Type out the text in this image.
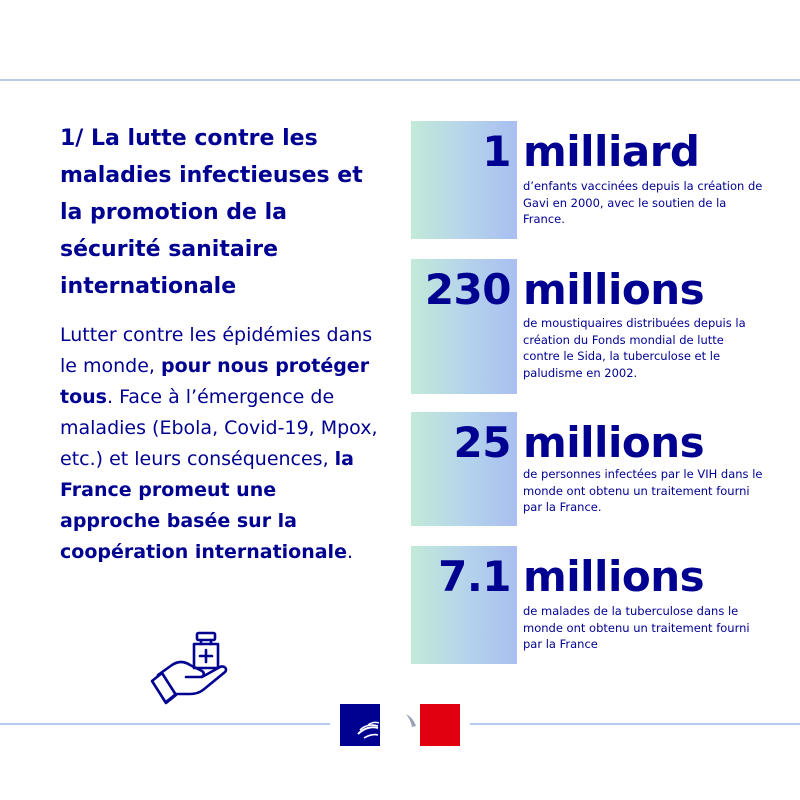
1/ La lutte contre les maladies infectieuses et la promotion de la sécurité sanitaire internationale
Lutter contre les épidémies dans le monde, pour nous protéger tous. Face à l’émergence de maladies (Ebola, Covid-19, Mpox, etc.) et leurs conséquences, la France promeut une approche basée sur la coopération internationale.
1 milliard
d’enfants vaccinées depuis la création de Gavi en 2000, avec le soutien de la France.
230 millions
de moustiquaires distribuées depuis la création du Fonds mondial de lutte contre le Sida, la tuberculose et le paludisme en 2002.
25 millions
de personnes infectées par le VIH dans le monde ont obtenu un traitement fourni par la France.
7.1 millions
de malades de la tuberculose dans le monde ont obtenu un traitement fourni par la France
